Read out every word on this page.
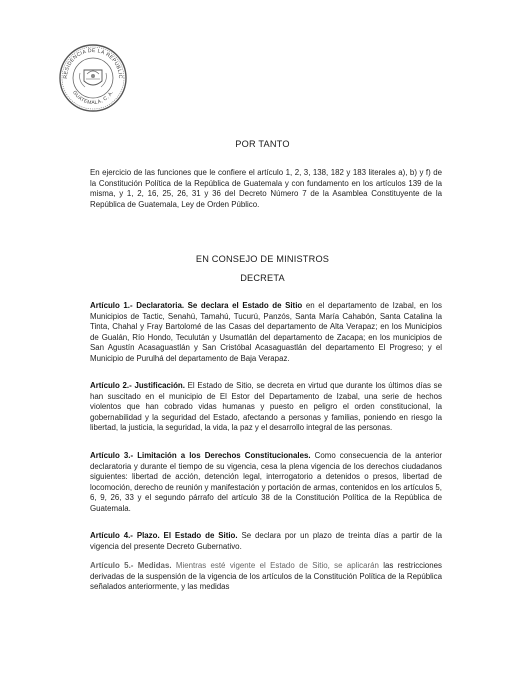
RESIDENCIA DE LA REPUBLIC
GUATEMALA, C. A.
POR TANTO
En ejercicio de las funciones que le confiere el artículo 1, 2, 3, 138, 182 y 183 literales a), b) y f) de la Constitución Política de la República de Guatemala y con fundamento en los artículos 139 de la misma, y 1, 2, 16, 25, 26, 31 y 36 del Decreto Número 7 de la Asamblea Constituyente de la República de Guatemala, Ley de Orden Público.
EN CONSEJO DE MINISTROS
DECRETA
Artículo 1.- Declaratoria. Se declara el Estado de Sitio en el departamento de Izabal, en los Municipios de Tactic, Senahú, Tamahú, Tucurú, Panzós, Santa María Cahabón, Santa Catalina la Tinta, Chahal y Fray Bartolomé de las Casas del departamento de Alta Verapaz; en los Municipios de Gualán, Río Hondo, Teculután y Usumatlán del departamento de Zacapa; en los municipios de San Agustín Acasaguastlán y San Cristóbal Acasaguastlán del departamento El Progreso; y el Municipio de Purulhá del departamento de Baja Verapaz.
Artículo 2.- Justificación. El Estado de Sitio, se decreta en virtud que durante los últimos días se han suscitado en el municipio de El Estor del Departamento de Izabal, una serie de hechos violentos que han cobrado vidas humanas y puesto en peligro el orden constitucional, la gobernabilidad y la seguridad del Estado, afectando a personas y familias, poniendo en riesgo la libertad, la justicia, la seguridad, la vida, la paz y el desarrollo integral de las personas.
Artículo 3.- Limitación a los Derechos Constitucionales. Como consecuencia de la anterior declaratoria y durante el tiempo de su vigencia, cesa la plena vigencia de los derechos ciudadanos siguientes: libertad de acción, detención legal, interrogatorio a detenidos o presos, libertad de locomoción, derecho de reunión y manifestación y portación de armas, contenidos en los artículos 5, 6, 9, 26, 33 y el segundo párrafo del artículo 38 de la Constitución Política de la República de Guatemala.
Artículo 4.- Plazo. El Estado de Sitio. Se declara por un plazo de treinta días a partir de la vigencia del presente Decreto Gubernativo.
Artículo 5.- Medidas. Mientras esté vigente el Estado de Sitio, se aplicarán las restricciones derivadas de la suspensión de la vigencia de los artículos de la Constitución Política de la República señalados anteriormente, y las medidas
